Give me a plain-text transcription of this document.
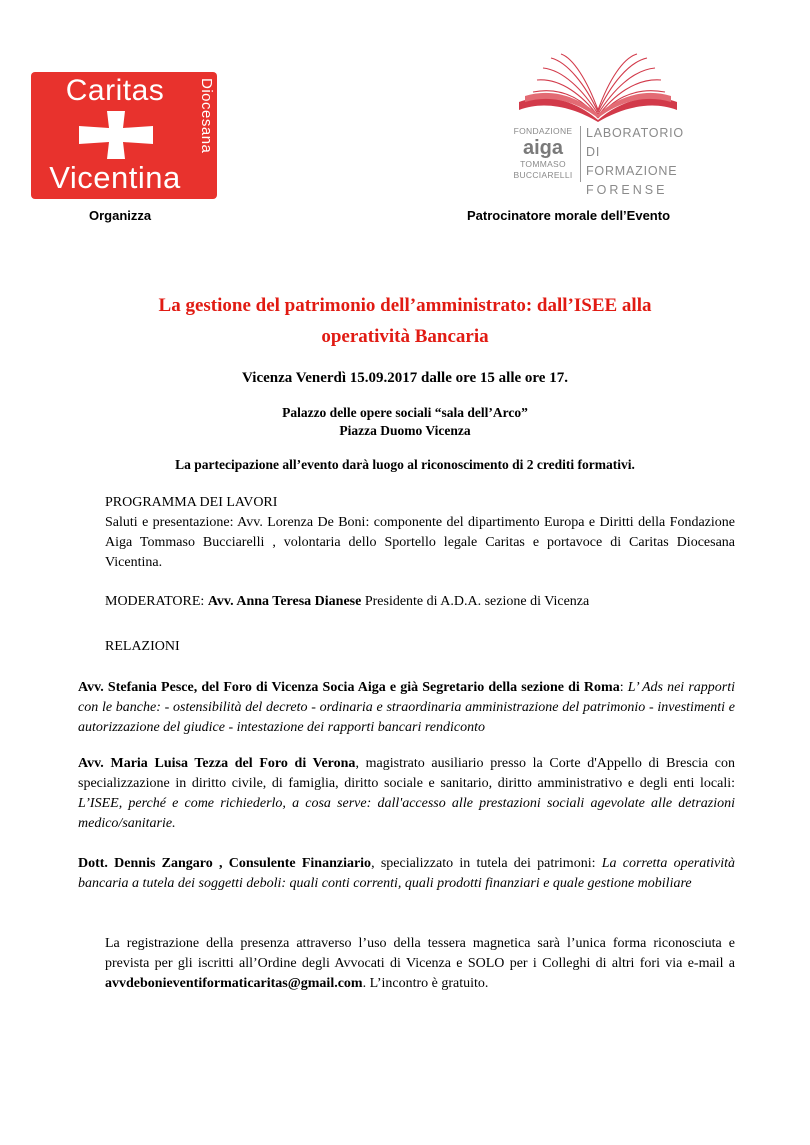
Caritas	Diocesana
Vicentina
FONDAZIONE
aiga
TOMMASO
BUCCIARELLI
LABORATORIO DI
FORMAZIONE
FORENSE
Organizza	Patrocinatore morale dell’Evento
La gestione del patrimonio dell’amministrato: dall’ISEE alla
operatività Bancaria
Vicenza Venerdì 15.09.2017 dalle ore 15 alle ore 17.
Palazzo delle opere sociali “sala dell’Arco”
Piazza Duomo Vicenza
La partecipazione all’evento darà luogo al riconoscimento di 2 crediti formativi.
PROGRAMMA DEI LAVORI
Saluti e presentazione: Avv. Lorenza De Boni: componente del dipartimento Europa e Diritti della Fondazione Aiga Tommaso Bucciarelli , volontaria dello Sportello legale Caritas e portavoce di Caritas Diocesana Vicentina.
MODERATORE: Avv. Anna Teresa Dianese Presidente di A.D.A. sezione di Vicenza
RELAZIONI
Avv. Stefania Pesce, del Foro di Vicenza Socia Aiga e già Segretario della sezione di Roma: L’ Ads nei rapporti con le banche: - ostensibilità del decreto - ordinaria e straordinaria amministrazione del patrimonio - investimenti e autorizzazione del giudice - intestazione dei rapporti bancari rendiconto
Avv. Maria Luisa Tezza del Foro di Verona, magistrato ausiliario presso la Corte d'Appello di Brescia con specializzazione in diritto civile, di famiglia, diritto sociale e sanitario, diritto amministrativo e degli enti locali: L’ISEE, perché e come richiederlo, a cosa serve: dall'accesso alle prestazioni sociali agevolate alle detrazioni medico/sanitarie.
Dott. Dennis Zangaro , Consulente Finanziario, specializzato in tutela dei patrimoni: La corretta operatività bancaria a tutela dei soggetti deboli: quali conti correnti, quali prodotti finanziari e quale gestione mobiliare
La registrazione della presenza attraverso l’uso della tessera magnetica sarà l’unica forma riconosciuta e prevista per gli iscritti all’Ordine degli Avvocati di Vicenza e SOLO per i Colleghi di altri fori via e-mail a avvdebonieventiformaticaritas@gmail.com. L’incontro è gratuito.
